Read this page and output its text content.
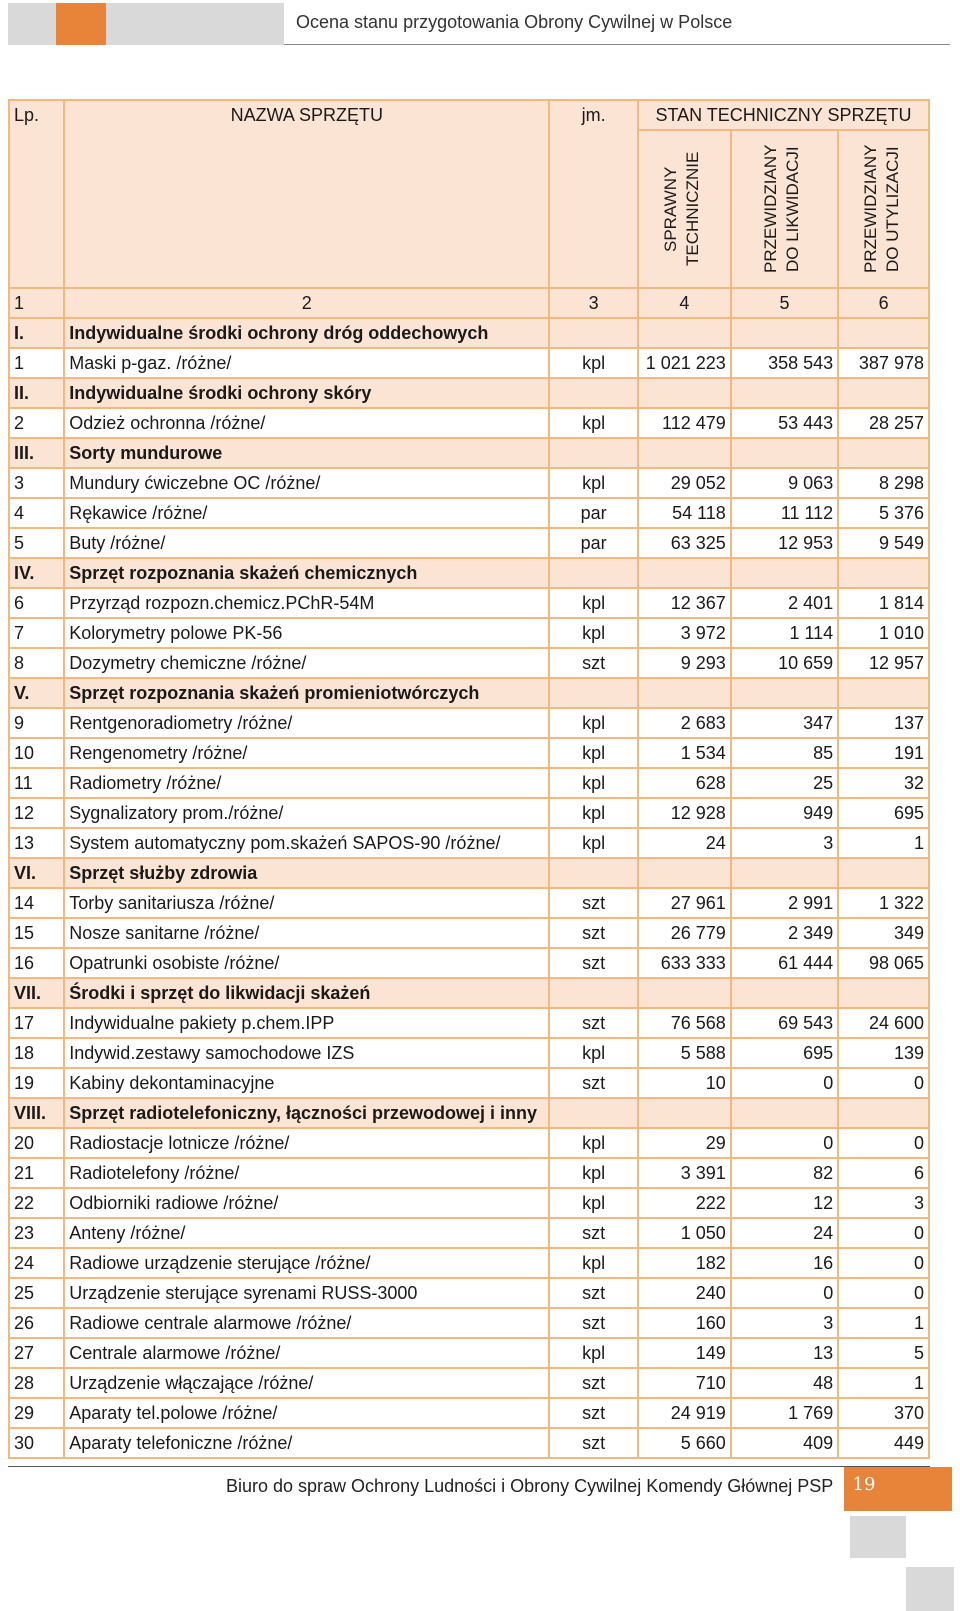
Ocena stanu przygotowania Obrony Cywilnej w Polsce
Lp.	NAZWA SPRZĘTU	jm.	STAN TECHNICZNY SPRZĘTU		

			SPRAWNY TECHNICZNIE	PRZEWIDZIANY DO LIKWIDACJI	PRZEWIDZIANY DO UTYLIZACJI

1	2	3	4	5	6
I.	Indywidualne środki ochrony dróg oddechowych				
1	Maski p-gaz. /różne/	kpl	1 021 223	358 543	387 978
II.	Indywidualne środki ochrony skóry				
2	Odzież ochronna /różne/	kpl	112 479	53 443	28 257
III.	Sorty mundurowe				
3	Mundury ćwiczebne OC /różne/	kpl	29 052	9 063	8 298
4	Rękawice /różne/	par	54 118	11 112	5 376
5	Buty /różne/	par	63 325	12 953	9 549
IV.	Sprzęt rozpoznania skażeń chemicznych				
6	Przyrząd rozpozn.chemicz.PChR-54M	kpl	12 367	2 401	1 814
7	Kolorymetry polowe PK-56	kpl	3 972	1 114	1 010
8	Dozymetry chemiczne /różne/	szt	9 293	10 659	12 957
V.	Sprzęt rozpoznania skażeń promieniotwórczych				
9	Rentgenoradiometry /różne/	kpl	2 683	347	137
10	Rengenometry /różne/	kpl	1 534	85	191
11	Radiometry /różne/	kpl	628	25	32
12	Sygnalizatory prom./różne/	kpl	12 928	949	695
13	System automatyczny pom.skażeń SAPOS-90 /różne/	kpl	24	3	1
VI.	Sprzęt służby zdrowia				
14	Torby sanitariusza /różne/	szt	27 961	2 991	1 322
15	Nosze sanitarne /różne/	szt	26 779	2 349	349
16	Opatrunki osobiste /różne/	szt	633 333	61 444	98 065
VII.	Środki i sprzęt do likwidacji skażeń				
17	Indywidualne pakiety p.chem.IPP	szt	76 568	69 543	24 600
18	Indywid.zestawy samochodowe IZS	kpl	5 588	695	139
19	Kabiny dekontaminacyjne	szt	10	0	0
VIII.	Sprzęt radiotelefoniczny, łączności przewodowej i inny				
20	Radiostacje lotnicze /różne/	kpl	29	0	0
21	Radiotelefony /różne/	kpl	3 391	82	6
22	Odbiorniki radiowe /różne/	kpl	222	12	3
23	Anteny /różne/	szt	1 050	24	0
24	Radiowe urządzenie sterujące /różne/	kpl	182	16	0
25	Urządzenie sterujące syrenami RUSS-3000	szt	240	0	0
26	Radiowe centrale alarmowe /różne/	szt	160	3	1
27	Centrale alarmowe /różne/	kpl	149	13	5
28	Urządzenie włączające /różne/	szt	710	48	1
29	Aparaty tel.polowe /różne/	szt	24 919	1 769	370
30	Aparaty telefoniczne /różne/	szt	5 660	409	449
Biuro do spraw Ochrony Ludności i Obrony Cywilnej Komendy Głównej PSP	19
